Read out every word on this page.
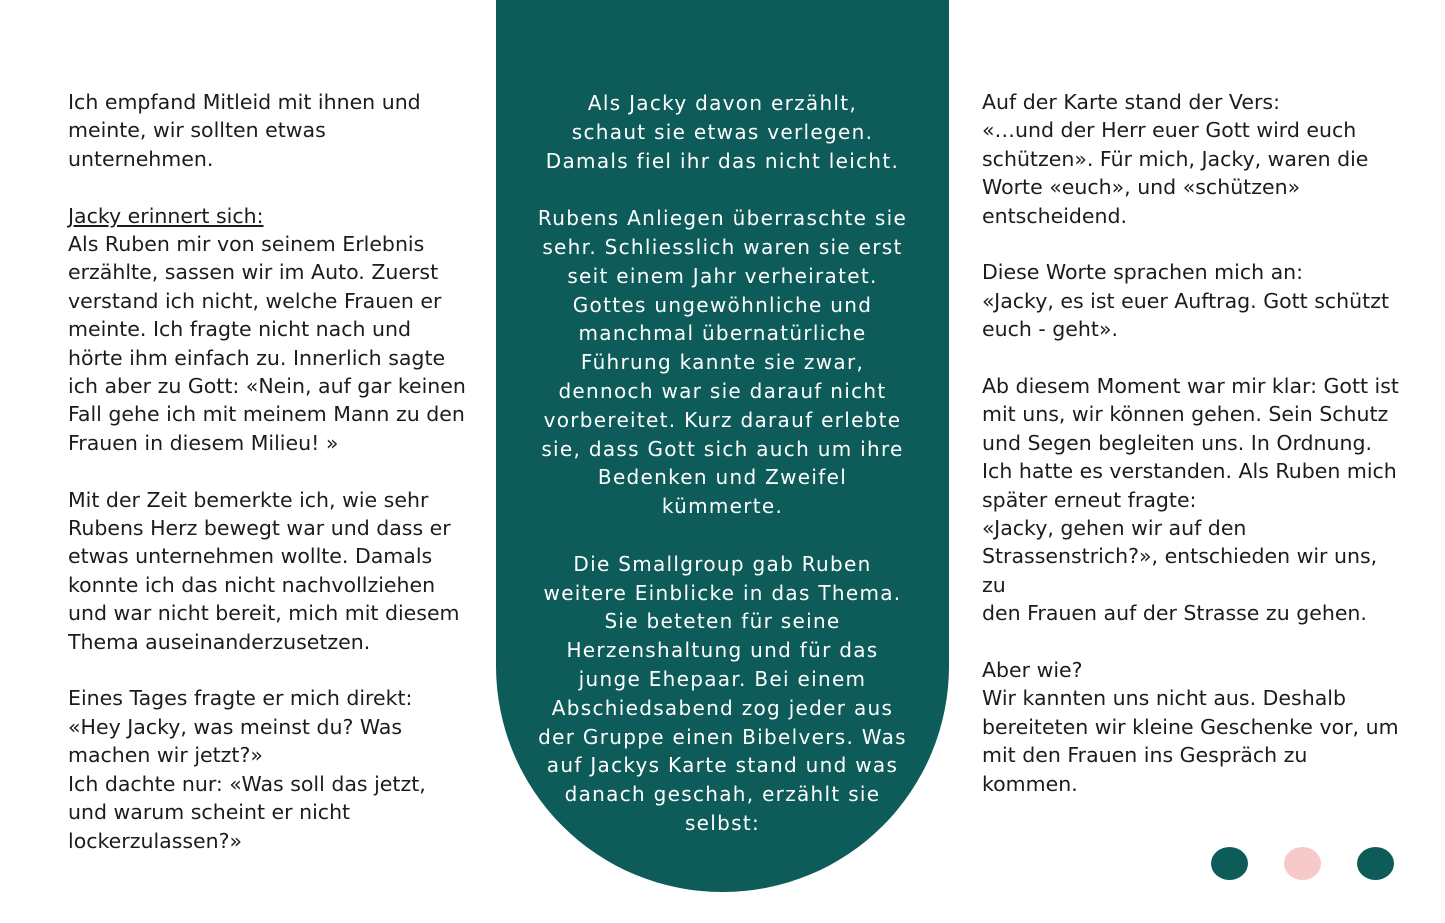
Ich empfand Mitleid mit ihnen und
meinte, wir sollten etwas
unternehmen.
Jacky erinnert sich:
Als Ruben mir von seinem Erlebnis
erzählte, sassen wir im Auto. Zuerst
verstand ich nicht, welche Frauen er
meinte. Ich fragte nicht nach und
hörte ihm einfach zu. Innerlich sagte
ich aber zu Gott: «Nein, auf gar keinen
Fall gehe ich mit meinem Mann zu den
Frauen in diesem Milieu! »
Mit der Zeit bemerkte ich, wie sehr
Rubens Herz bewegt war und dass er
etwas unternehmen wollte. Damals
konnte ich das nicht nachvollziehen
und war nicht bereit, mich mit diesem
Thema auseinanderzusetzen.
Eines Tages fragte er mich direkt:
«Hey Jacky, was meinst du? Was
machen wir jetzt?»
Ich dachte nur: «Was soll das jetzt,
und warum scheint er nicht
lockerzulassen?»
Als Jacky davon erzählt,
schaut sie etwas verlegen.
Damals fiel ihr das nicht leicht.
Rubens Anliegen überraschte sie
sehr. Schliesslich waren sie erst
seit einem Jahr verheiratet.
Gottes ungewöhnliche und
manchmal übernatürliche
Führung kannte sie zwar,
dennoch war sie darauf nicht
vorbereitet. Kurz darauf erlebte
sie, dass Gott sich auch um ihre
Bedenken und Zweifel
kümmerte.
Die Smallgroup gab Ruben
weitere Einblicke in das Thema.
Sie beteten für seine
Herzenshaltung und für das
junge Ehepaar. Bei einem
Abschiedsabend zog jeder aus
der Gruppe einen Bibelvers. Was
auf Jackys Karte stand und was
danach geschah, erzählt sie
selbst:
Auf der Karte stand der Vers:
«…und der Herr euer Gott wird euch
schützen». Für mich, Jacky, waren die
Worte «euch», und «schützen»
entscheidend.
Diese Worte sprachen mich an:
«Jacky, es ist euer Auftrag. Gott schützt
euch - geht».
Ab diesem Moment war mir klar: Gott ist
mit uns, wir können gehen. Sein Schutz
und Segen begleiten uns. In Ordnung.
Ich hatte es verstanden. Als Ruben mich
später erneut fragte:
«Jacky, gehen wir auf den
Strassenstrich?», entschieden wir uns, zu
den Frauen auf der Strasse zu gehen.
Aber wie?
Wir kannten uns nicht aus. Deshalb
bereiteten wir kleine Geschenke vor, um
mit den Frauen ins Gespräch zu
kommen.
